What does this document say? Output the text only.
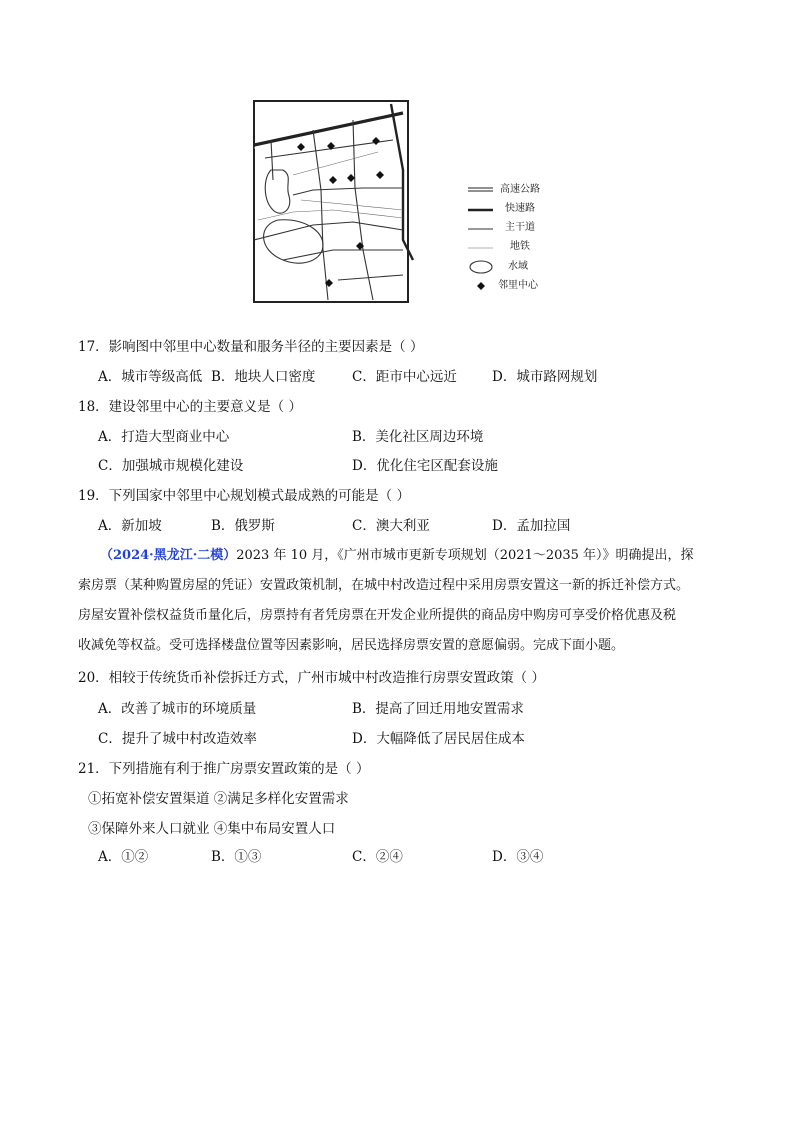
高速公路
快速路
主干道
地铁
水域
邻里中心
17．影响图中邻里中心数量和服务半径的主要因素是（ ）
A．城市等级高低 B．地块人口密度	C．距市中心远近	D．城市路网规划
18．建设邻里中心的主要意义是（ ）
A．打造大型商业中心	B．美化社区周边环境
C．加强城市规模化建设	D．优化住宅区配套设施
19．下列国家中邻里中心规划模式最成熟的可能是（ ）
A．新加坡	B．俄罗斯	C．澳大利亚	D．孟加拉国
（2024·黑龙江·二模）2023 年 10 月，《广州市城市更新专项规划（2021～2035 年）》明确提出，探
索房票（某种购置房屋的凭证）安置政策机制，在城中村改造过程中采用房票安置这一新的拆迁补偿方式。
房屋安置补偿权益货币量化后，房票持有者凭房票在开发企业所提供的商品房中购房可享受价格优惠及税
收减免等权益。受可选择楼盘位置等因素影响，居民选择房票安置的意愿偏弱。完成下面小题。
20．相较于传统货币补偿拆迁方式，广州市城中村改造推行房票安置政策（ ）
A．改善了城市的环境质量	B．提高了回迁用地安置需求
C．提升了城中村改造效率	D．大幅降低了居民居住成本
21．下列措施有利于推广房票安置政策的是（ ）
①拓宽补偿安置渠道 ②满足多样化安置需求
③保障外来人口就业 ④集中布局安置人口
A．①②	B．①③	C．②④	D．③④
